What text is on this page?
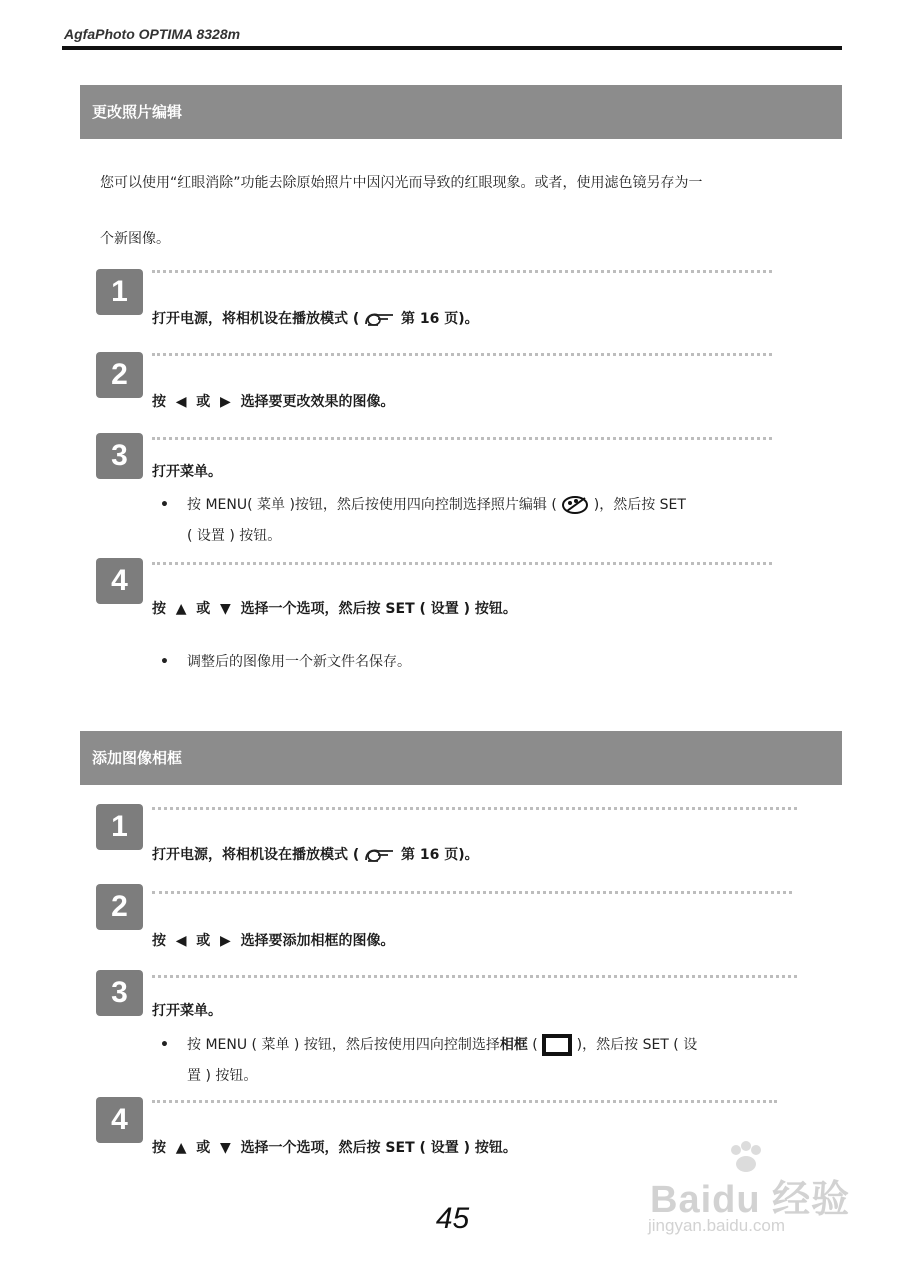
AgfaPhoto OPTIMA 8328m
更改照片编辑
您可以使用“红眼消除”功能去除原始照片中因闪光而导致的红眼现象。或者，使用滤色镜另存为一
个新图像。
1
打开电源，将相机设在播放模式 (	第 16 页)。
2
按 ◀ 或 ▶ 选择要更改效果的图像。
3	打开菜单。
• 按 MENU( 菜单 )按钮，然后按使用四向控制选择照片编辑 (	)，然后按 SET
( 设置 ) 按钮。
4
按 ▲ 或 ▼ 选择一个选项，然后按 SET ( 设置 ) 按钮。
• 调整后的图像用一个新文件名保存。
添加图像相框
1
打开电源，将相机设在播放模式 (	第 16 页)。
2
按 ◀ 或 ▶ 选择要添加相框的图像。
3
打开菜单。
• 按 MENU ( 菜单 ) 按钮，然后按使用四向控制选择相框 (	)，然后按 SET ( 设
置 ) 按钮。
4
按 ▲ 或 ▼ 选择一个选项，然后按 SET ( 设置 ) 按钮。
Baidu 经验
jingyan.baidu.com
45
